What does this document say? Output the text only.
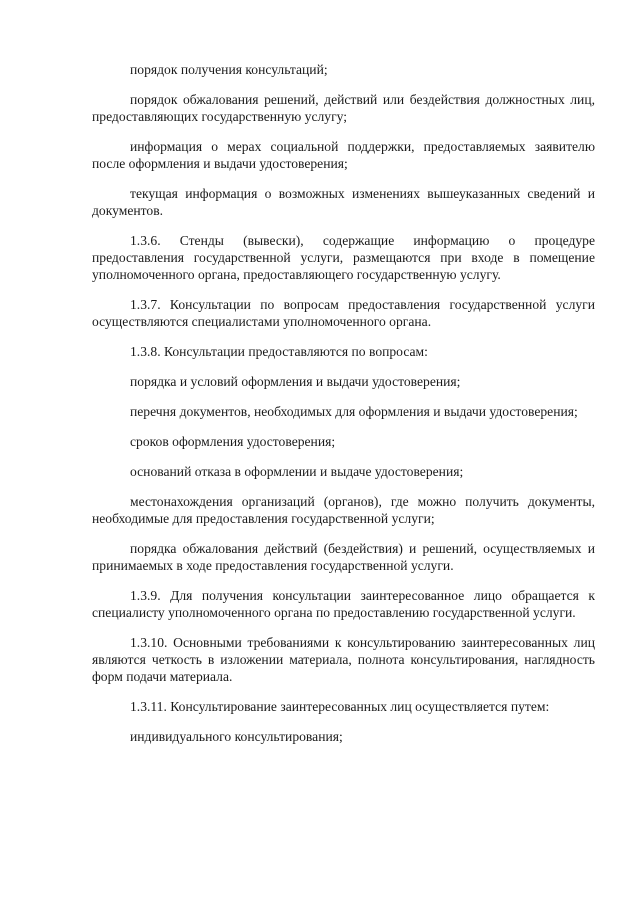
порядок получения консультаций;

порядок обжалования решений, действий или бездействия должностных лиц, предоставляющих государственную услугу;

информация о мерах социальной поддержки, предоставляемых заявителю после оформления и выдачи удостоверения;

текущая информация о возможных изменениях вышеуказанных сведений и документов.

1.3.6. Стенды (вывески), содержащие информацию о процедуре предоставления государственной услуги, размещаются при входе в помещение уполномоченного органа, предоставляющего государственную услугу.

1.3.7. Консультации по вопросам предоставления государственной услуги осуществляются специалистами уполномоченного органа.

1.3.8. Консультации предоставляются по вопросам:

порядка и условий оформления и выдачи удостоверения;

перечня документов, необходимых для оформления и выдачи удостоверения;

сроков оформления удостоверения;

оснований отказа в оформлении и выдаче удостоверения;

местонахождения организаций (органов), где можно получить документы, необходимые для предоставления государственной услуги;

порядка обжалования действий (бездействия) и решений, осуществляемых и принимаемых в ходе предоставления государственной услуги.

1.3.9. Для получения консультации заинтересованное лицо обращается к специалисту уполномоченного органа по предоставлению государственной услуги.

1.3.10. Основными требованиями к консультированию заинтересованных лиц являются четкость в изложении материала, полнота консультирования, наглядность форм подачи материала.

1.3.11. Консультирование заинтересованных лиц осуществляется путем:

индивидуального консультирования;
